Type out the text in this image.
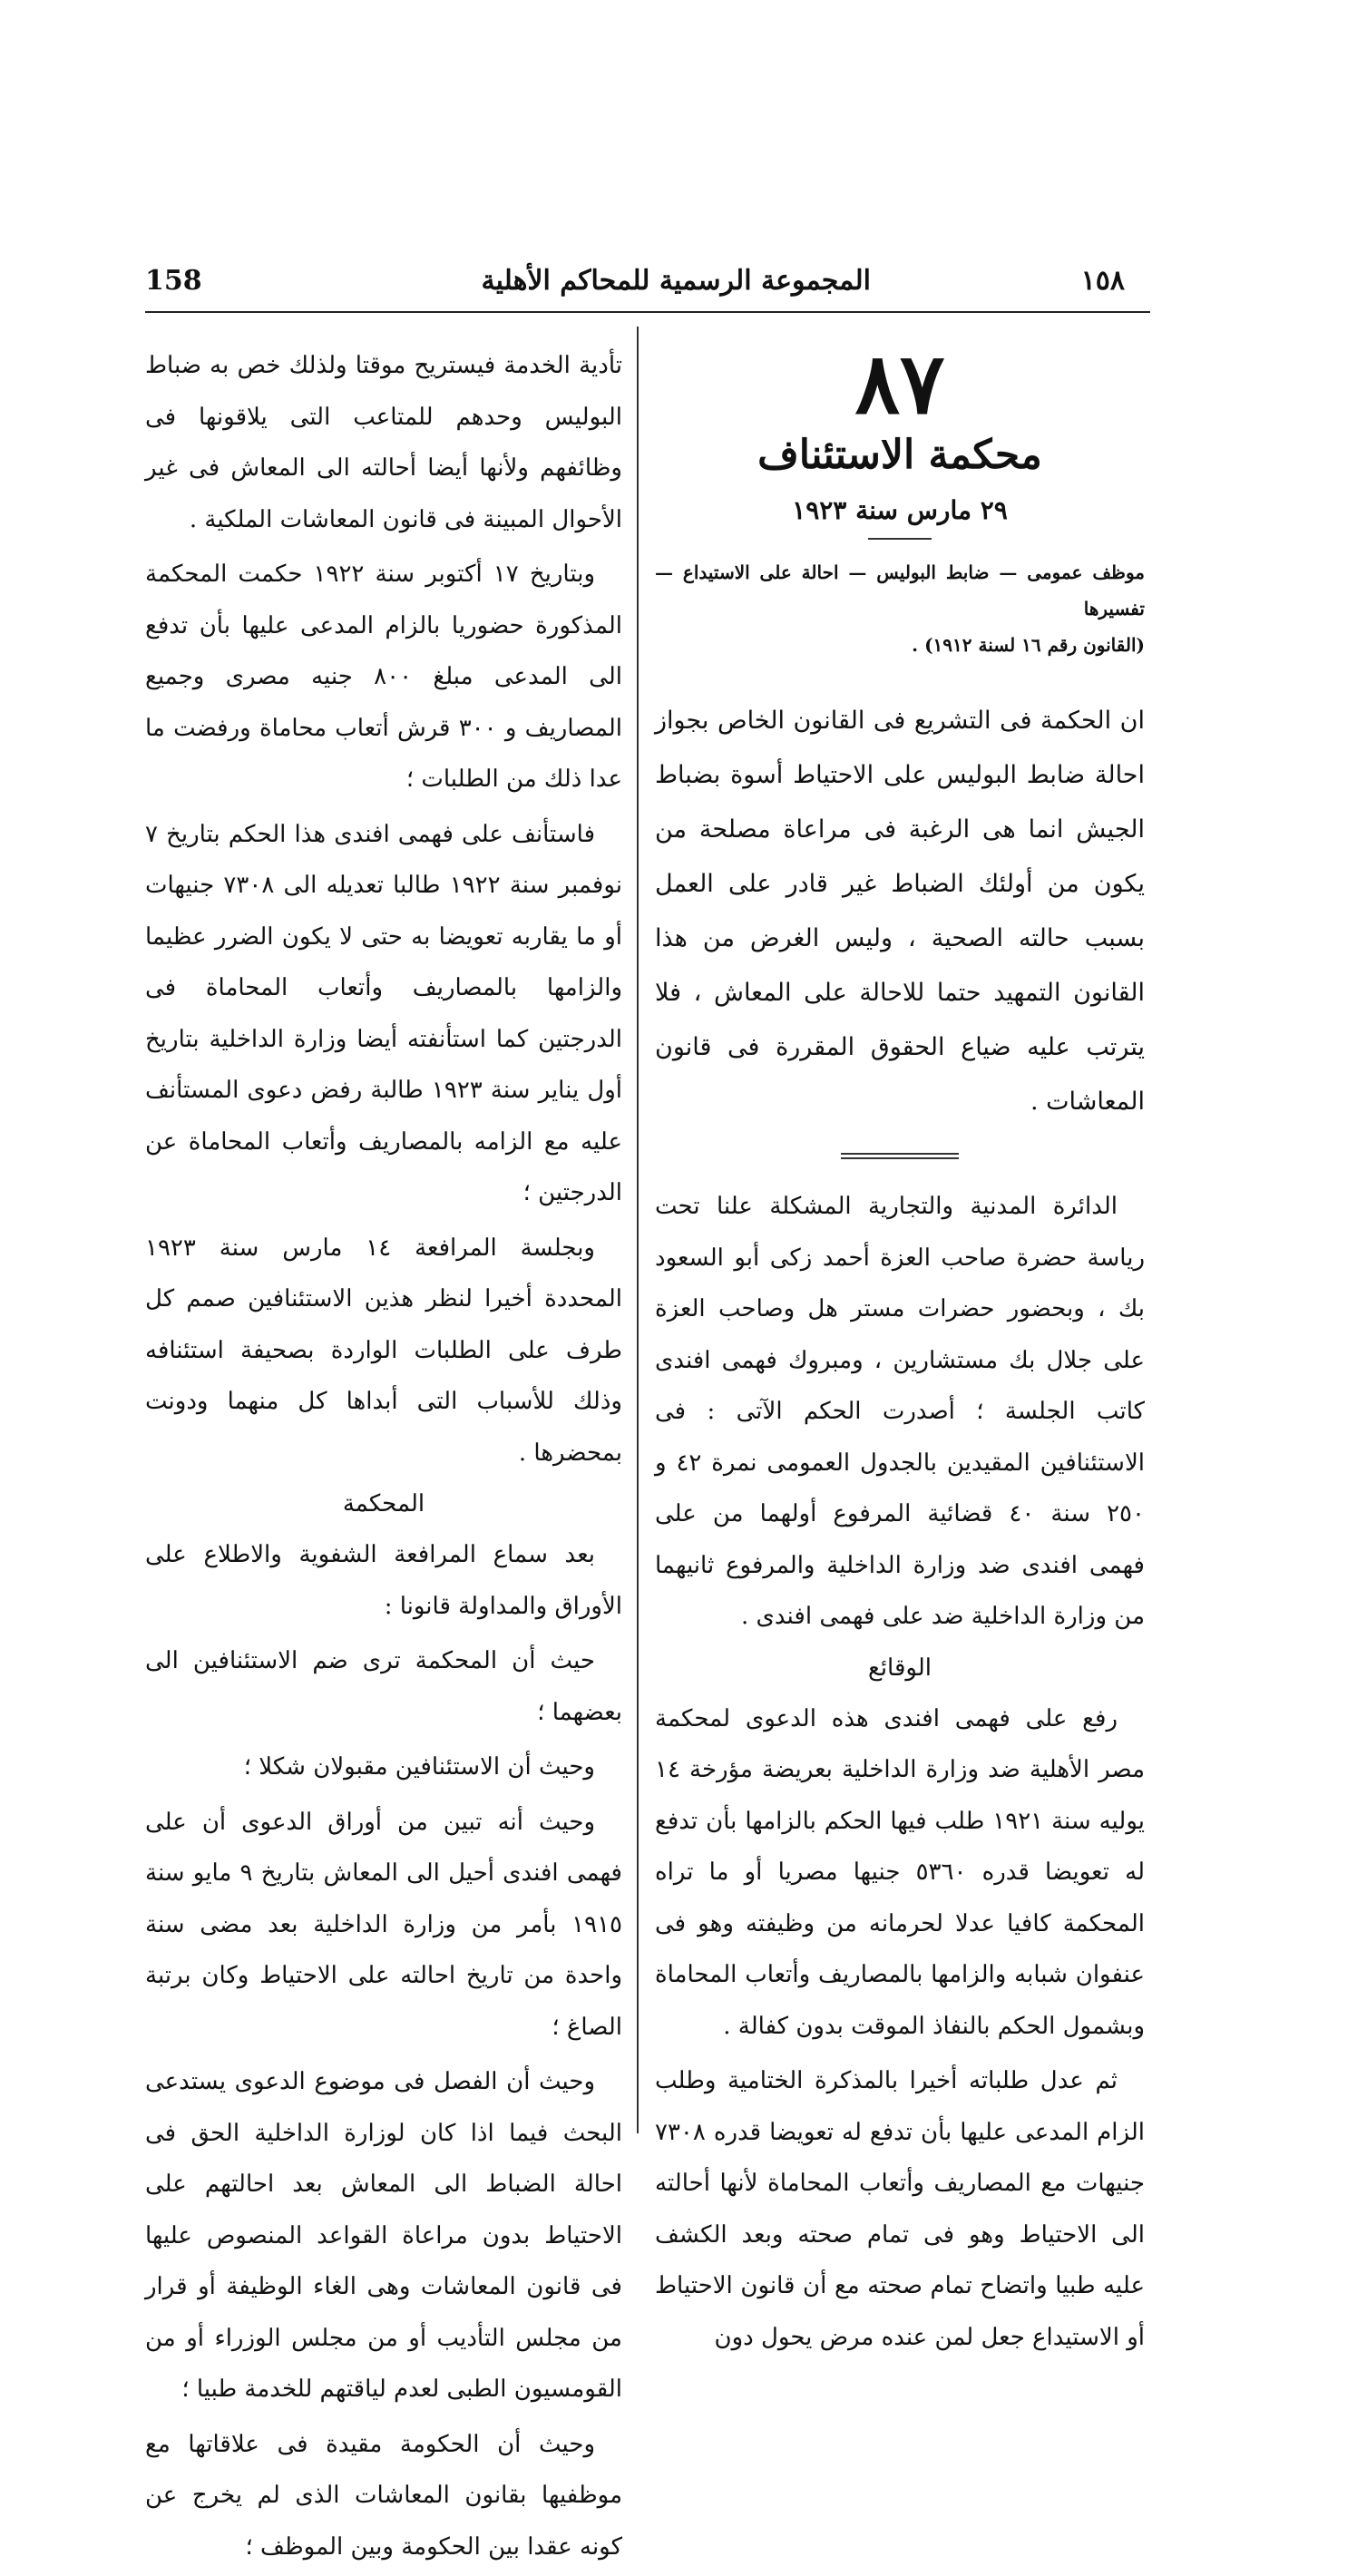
158	المجموعة الرسمية للمحاكم الأهلية	١٥٨

٨٧

محكمة الاستئناف

٢٩ مارس سنة ١٩٢٣

موظف عمومى — ضابط البوليس — احالة على الاستيداع — تفسيرها
(القانون رقم ١٦ لسنة ١٩١٢) .

ان الحكمة فى التشريع فى القانون الخاص بجواز احالة ضابط البوليس على الاحتياط أسوة بضباط الجيش انما هى الرغبة فى مراعاة مصلحة من يكون من أولئك الضباط غير قادر على العمل بسبب حالته الصحية ، وليس الغرض من هذا القانون التمهيد حتما للاحالة على المعاش ، فلا يترتب عليه ضياع الحقوق المقررة فى قانون المعاشات .

الدائرة المدنية والتجارية المشكلة علنا تحت رياسة حضرة صاحب العزة أحمد زكى أبو السعود بك ، وبحضور حضرات مستر هل وصاحب العزة على جلال بك مستشارين ، ومبروك فهمى افندى كاتب الجلسة ؛ أصدرت الحكم الآتى : فى الاستئنافين المقيدين بالجدول العمومى نمرة ٤٢ و ٢٥٠ سنة ٤٠ قضائية المرفوع أولهما من على فهمى افندى ضد وزارة الداخلية والمرفوع ثانيهما من وزارة الداخلية ضد على فهمى افندى .

الوقائع

رفع على فهمى افندى هذه الدعوى لمحكمة مصر الأهلية ضد وزارة الداخلية بعريضة مؤرخة ١٤ يوليه سنة ١٩٢١ طلب فيها الحكم بالزامها بأن تدفع له تعويضا قدره ٥٣٦٠ جنيها مصريا أو ما تراه المحكمة كافيا عدلا لحرمانه من وظيفته وهو فى عنفوان شبابه والزامها بالمصاريف وأتعاب المحاماة وبشمول الحكم بالنفاذ الموقت بدون كفالة .

ثم عدل طلباته أخيرا بالمذكرة الختامية وطلب الزام المدعى عليها بأن تدفع له تعويضا قدره ٧٣٠٨ جنيهات مع المصاريف وأتعاب المحاماة لأنها أحالته الى الاحتياط وهو فى تمام صحته وبعد الكشف عليه طبيا واتضاح تمام صحته مع أن قانون الاحتياط أو الاستيداع جعل لمن عنده مرض يحول دون

تأدية الخدمة فيستريح موقتا ولذلك خص به ضباط البوليس وحدهم للمتاعب التى يلاقونها فى وظائفهم ولأنها أيضا أحالته الى المعاش فى غير الأحوال المبينة فى قانون المعاشات الملكية .

وبتاريخ ١٧ أكتوبر سنة ١٩٢٢ حكمت المحكمة المذكورة حضوريا بالزام المدعى عليها بأن تدفع الى المدعى مبلغ ٨٠٠ جنيه مصرى وجميع المصاريف و ٣٠٠ قرش أتعاب محاماة ورفضت ما عدا ذلك من الطلبات ؛

فاستأنف على فهمى افندى هذا الحكم بتاريخ ٧ نوفمبر سنة ١٩٢٢ طالبا تعديله الى ٧٣٠٨ جنيهات أو ما يقاربه تعويضا به حتى لا يكون الضرر عظيما والزامها بالمصاريف وأتعاب المحاماة فى الدرجتين كما استأنفته أيضا وزارة الداخلية بتاريخ أول يناير سنة ١٩٢٣ طالبة رفض دعوى المستأنف عليه مع الزامه بالمصاريف وأتعاب المحاماة عن الدرجتين ؛

وبجلسة المرافعة ١٤ مارس سنة ١٩٢٣ المحددة أخيرا لنظر هذين الاستئنافين صمم كل طرف على الطلبات الواردة بصحيفة استئنافه وذلك للأسباب التى أبداها كل منهما ودونت بمحضرها .

المحكمة

بعد سماع المرافعة الشفوية والاطلاع على الأوراق والمداولة قانونا :

حيث أن المحكمة ترى ضم الاستئنافين الى بعضهما ؛

وحيث أن الاستئنافين مقبولان شكلا ؛

وحيث أنه تبين من أوراق الدعوى أن على فهمى افندى أحيل الى المعاش بتاريخ ٩ مايو سنة ١٩١٥ بأمر من وزارة الداخلية بعد مضى سنة واحدة من تاريخ احالته على الاحتياط وكان برتبة الصاغ ؛

وحيث أن الفصل فى موضوع الدعوى يستدعى البحث فيما اذا كان لوزارة الداخلية الحق فى احالة الضباط الى المعاش بعد احالتهم على الاحتياط بدون مراعاة القواعد المنصوص عليها فى قانون المعاشات وهى الغاء الوظيفة أو قرار من مجلس التأديب أو من مجلس الوزراء أو من القومسيون الطبى لعدم لياقتهم للخدمة طبيا ؛

وحيث أن الحكومة مقيدة فى علاقاتها مع موظفيها بقانون المعاشات الذى لم يخرج عن كونه عقدا بين الحكومة وبين الموظف ؛
